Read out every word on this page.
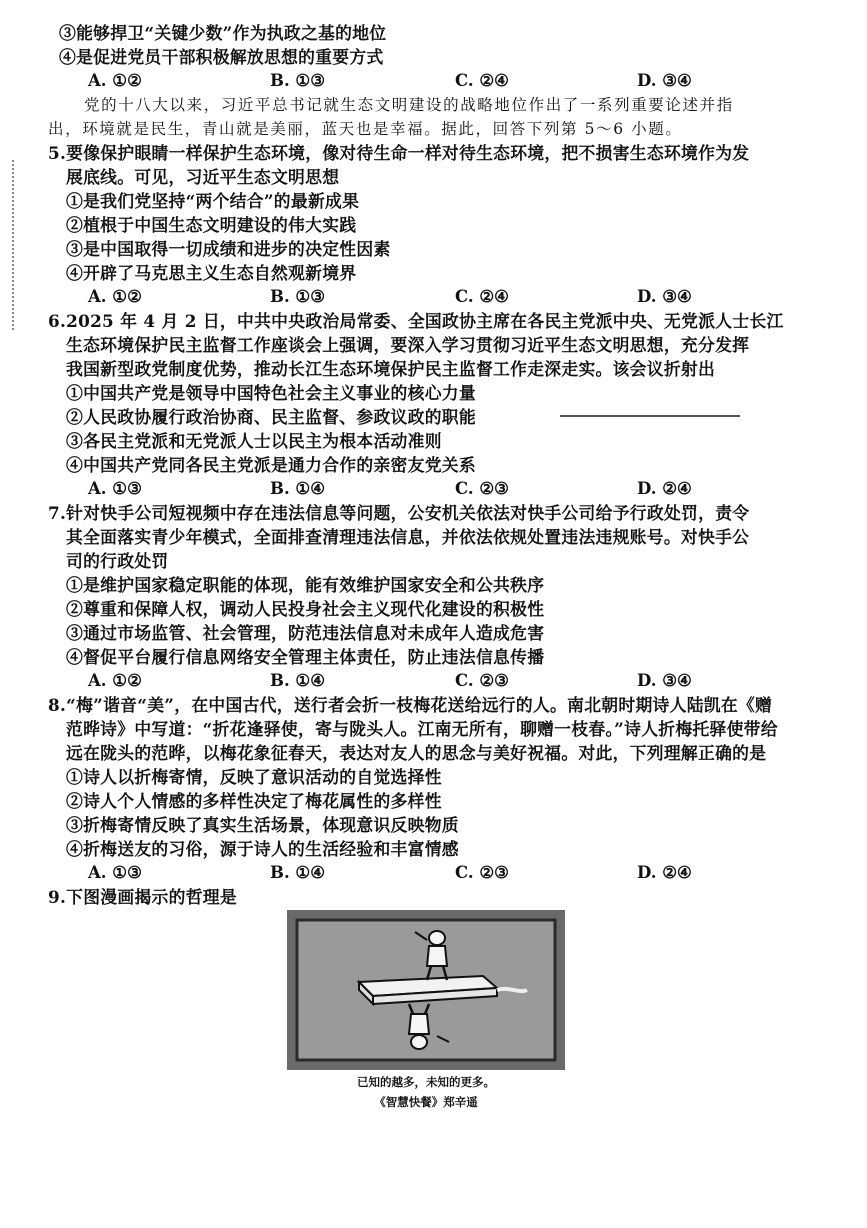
③能够捍卫“关键少数”作为执政之基的地位
④是促进党员干部积极解放思想的重要方式
A. ①②	B. ①③	C. ②④	D. ③④
党的十八大以来，习近平总书记就生态文明建设的战略地位作出了一系列重要论述并指
出，环境就是民生，青山就是美丽，蓝天也是幸福。据此，回答下列第 5～6 小题。
5.要像保护眼睛一样保护生态环境，像对待生命一样对待生态环境，把不损害生态环境作为发
展底线。可见，习近平生态文明思想
①是我们党坚持“两个结合”的最新成果
②植根于中国生态文明建设的伟大实践
③是中国取得一切成绩和进步的决定性因素
④开辟了马克思主义生态自然观新境界
A. ①②	B. ①③	C. ②④	D. ③④
6.2025 年 4 月 2 日，中共中央政治局常委、全国政协主席在各民主党派中央、无党派人士长江
生态环境保护民主监督工作座谈会上强调，要深入学习贯彻习近平生态文明思想，充分发挥
我国新型政党制度优势，推动长江生态环境保护民主监督工作走深走实。该会议折射出
①中国共产党是领导中国特色社会主义事业的核心力量
②人民政协履行政治协商、民主监督、参政议政的职能
③各民主党派和无党派人士以民主为根本活动准则
④中国共产党同各民主党派是通力合作的亲密友党关系
A. ①③	B. ①④	C. ②③	D. ②④
7.针对快手公司短视频中存在违法信息等问题，公安机关依法对快手公司给予行政处罚，责令
其全面落实青少年模式，全面排查清理违法信息，并依法依规处置违法违规账号。对快手公
司的行政处罚
①是维护国家稳定职能的体现，能有效维护国家安全和公共秩序
②尊重和保障人权，调动人民投身社会主义现代化建设的积极性
③通过市场监管、社会管理，防范违法信息对未成年人造成危害
④督促平台履行信息网络安全管理主体责任，防止违法信息传播
A. ①②	B. ①④	C. ②③	D. ③④
8.“梅”谐音“美”，在中国古代，送行者会折一枝梅花送给远行的人。南北朝时期诗人陆凯在《赠
范晔诗》中写道：“折花逢驿使，寄与陇头人。江南无所有，聊赠一枝春。”诗人折梅托驿使带给
远在陇头的范晔，以梅花象征春天，表达对友人的思念与美好祝福。对此，下列理解正确的是
①诗人以折梅寄情，反映了意识活动的自觉选择性
②诗人个人情感的多样性决定了梅花属性的多样性
③折梅寄情反映了真实生活场景，体现意识反映物质
④折梅送友的习俗，源于诗人的生活经验和丰富情感
A. ①③	B. ①④	C. ②③	D. ②④
9.下图漫画揭示的哲理是
已知的越多，未知的更多。
《智慧快餐》郑辛遥
